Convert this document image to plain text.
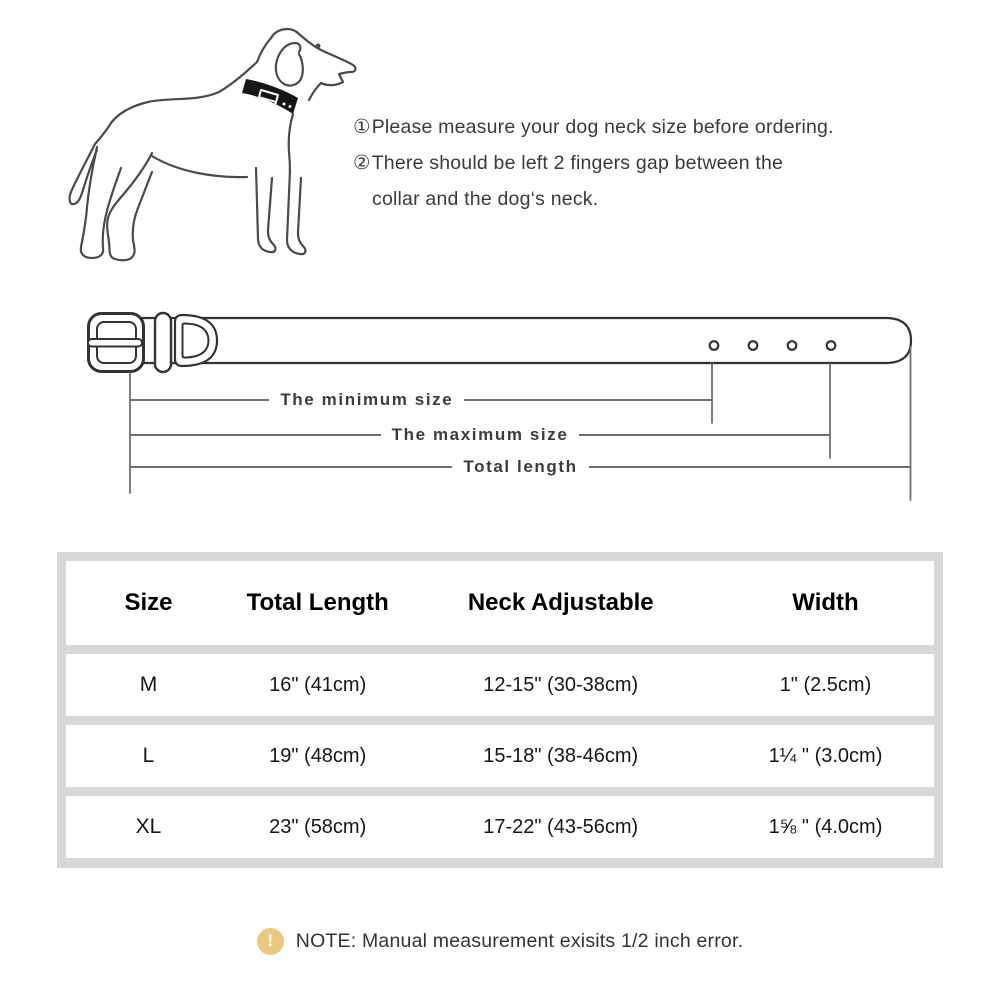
①Please measure your dog neck size before ordering.
②There should be left 2 fingers gap between the
collar and the dog‘s neck.
The minimum size
The maximum size
Total length
Size	Total Length	Neck Adjustable	Width
M	16" (41cm)	12-15" (30-38cm)	1" (2.5cm)
L	19" (48cm)	15-18" (38-46cm)	1¼ " (3.0cm)
XL	23" (58cm)	17-22" (43-56cm)	1⅝ " (4.0cm)
!	NOTE: Manual measurement exisits 1/2 inch error.
